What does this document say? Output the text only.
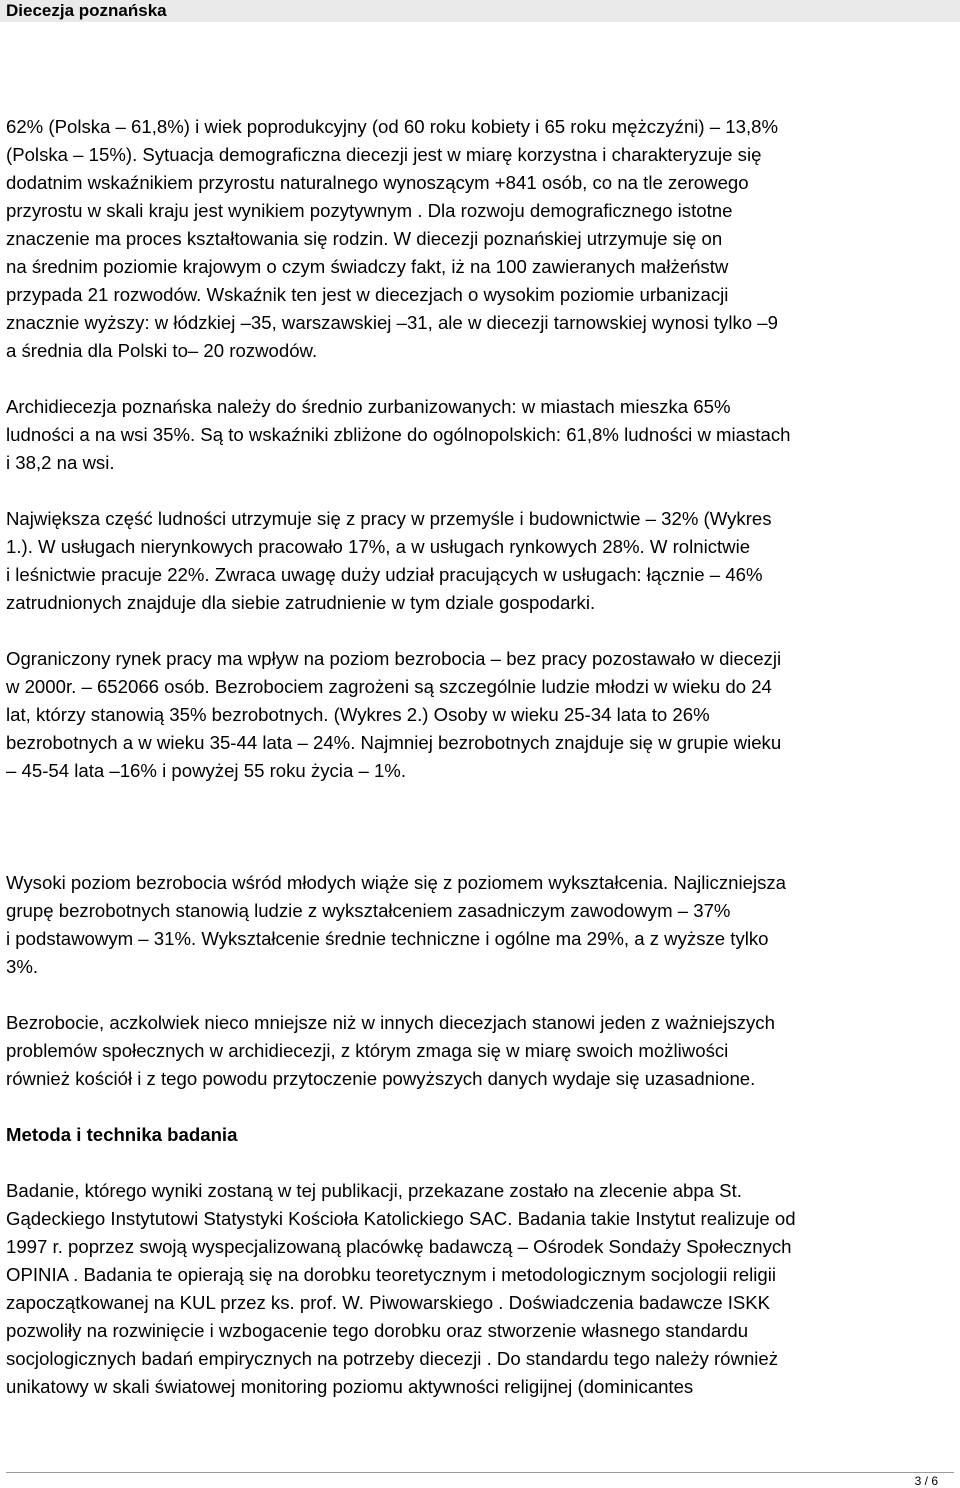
Diecezja poznańska

62% (Polska – 61,8%) i wiek poprodukcyjny (od 60 roku kobiety i 65 roku mężczyźni) – 13,8%
(Polska – 15%). Sytuacja demograficzna diecezji jest w miarę korzystna i charakteryzuje się
dodatnim wskaźnikiem przyrostu naturalnego wynoszącym +841 osób, co na tle zerowego
przyrostu w skali kraju jest wynikiem pozytywnym . Dla rozwoju demograficznego istotne
znaczenie ma proces kształtowania się rodzin. W diecezji poznańskiej utrzymuje się on
na średnim poziomie krajowym o czym świadczy fakt, iż na 100 zawieranych małżeństw
przypada 21 rozwodów. Wskaźnik ten jest w diecezjach o wysokim poziomie urbanizacji
znacznie wyższy: w łódzkiej –35, warszawskiej –31, ale w diecezji tarnowskiej wynosi tylko –9
a średnia dla Polski to– 20 rozwodów.

Archidiecezja poznańska należy do średnio zurbanizowanych: w miastach mieszka 65%
ludności a na wsi 35%. Są to wskaźniki zbliżone do ogólnopolskich: 61,8% ludności w miastach
i 38,2 na wsi.

Największa część ludności utrzymuje się z pracy w przemyśle i budownictwie – 32% (Wykres
1.). W usługach nierynkowych pracowało 17%, a w usługach rynkowych 28%. W rolnictwie
i leśnictwie pracuje 22%. Zwraca uwagę duży udział pracujących w usługach: łącznie – 46%
zatrudnionych znajduje dla siebie zatrudnienie w tym dziale gospodarki.

Ograniczony rynek pracy ma wpływ na poziom bezrobocia – bez pracy pozostawało w diecezji
w 2000r. – 652066 osób. Bezrobociem zagrożeni są szczególnie ludzie młodzi w wieku do 24
lat, którzy stanowią 35% bezrobotnych. (Wykres 2.) Osoby w wieku 25-34 lata to 26%
bezrobotnych a w wieku 35-44 lata – 24%. Najmniej bezrobotnych znajduje się w grupie wieku
– 45-54 lata –16% i powyżej 55 roku życia – 1%.

Wysoki poziom bezrobocia wśród młodych wiąże się z poziomem wykształcenia. Najliczniejsza
grupę bezrobotnych stanowią ludzie z wykształceniem zasadniczym zawodowym – 37%
i podstawowym – 31%. Wykształcenie średnie techniczne i ogólne ma 29%, a z wyższe tylko
3%.

Bezrobocie, aczkolwiek nieco mniejsze niż w innych diecezjach stanowi jeden z ważniejszych
problemów społecznych w archidiecezji, z którym zmaga się w miarę swoich możliwości
również kościół i z tego powodu przytoczenie powyższych danych wydaje się uzasadnione.

Metoda i technika badania

Badanie, którego wyniki zostaną w tej publikacji, przekazane zostało na zlecenie abpa St.
Gądeckiego Instytutowi Statystyki Kościoła Katolickiego SAC. Badania takie Instytut realizuje od
1997 r. poprzez swoją wyspecjalizowaną placówkę badawczą – Ośrodek Sondaży Społecznych
OPINIA . Badania te opierają się na dorobku teoretycznym i metodologicznym socjologii religii
zapoczątkowanej na KUL przez ks. prof. W. Piwowarskiego . Doświadczenia badawcze ISKK
pozwoliły na rozwinięcie i wzbogacenie tego dorobku oraz stworzenie własnego standardu
socjologicznych badań empirycznych na potrzeby diecezji . Do standardu tego należy również
unikatowy w skali światowej monitoring poziomu aktywności religijnej (dominicantes

3 / 6
